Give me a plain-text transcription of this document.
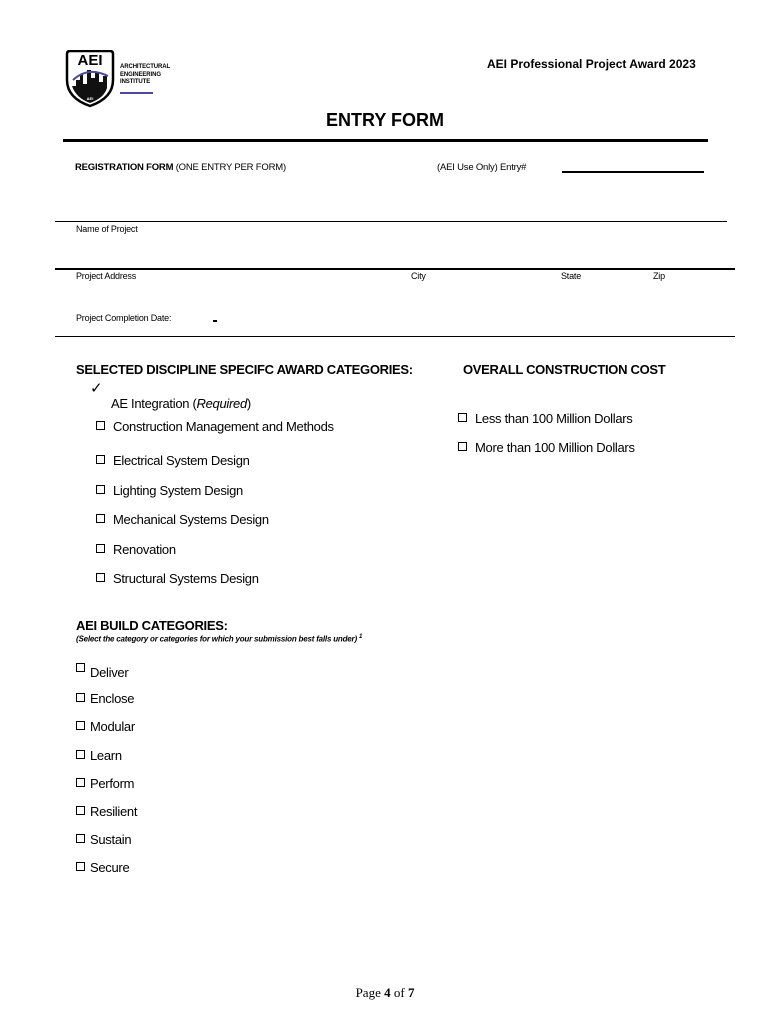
AEI
AEI
ARCHITECTURAL
ENGINEERING
INSTITUTE
AEI Professional Project Award 2023
ENTRY FORM
REGISTRATION FORM (ONE ENTRY PER FORM)	(AEI Use Only) Entry#
Name of Project
Project Address	City	State	Zip
Project Completion Date:
SELECTED DISCIPLINE SPECIFC AWARD CATEGORIES:
✓
AE Integration (Required)
Construction Management and Methods
Electrical System Design
Lighting System Design
Mechanical Systems Design
Renovation
Structural Systems Design
OVERALL CONSTRUCTION COST
Less than 100 Million Dollars
More than 100 Million Dollars
AEI BUILD CATEGORIES:
(Select the category or categories for which your submission best falls under) $^1$
Deliver
Enclose
Modular
Learn
Perform
Resilient
Sustain
Secure
Page 4 of 7
